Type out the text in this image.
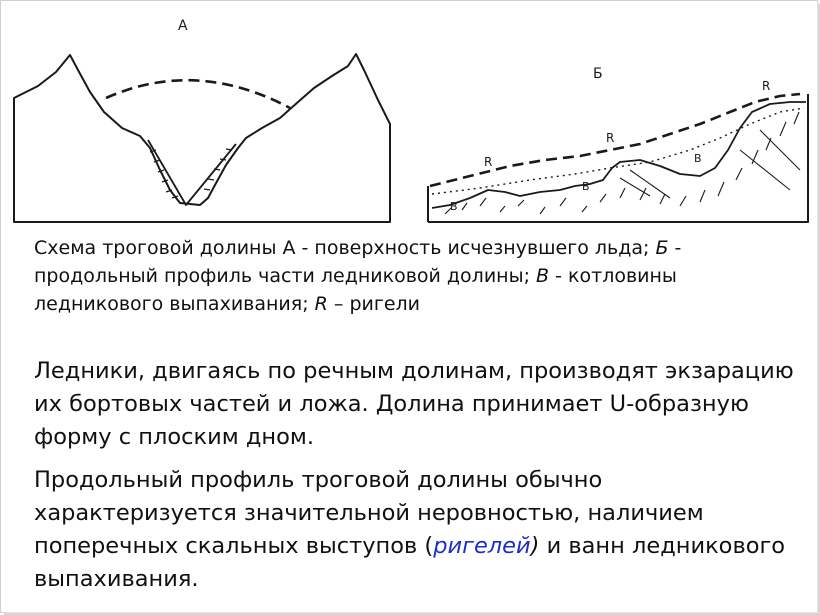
А
Б
R
R
R
В
В
В
Схема троговой долины А - поверхность исчезнувшего льда; Б - продольный профиль части ледниковой долины; В - котловины ледникового выпахивания; R – ригели

Ледники, двигаясь по речным долинам, производят экзарацию их бортовых частей и ложа. Долина принимает U-образную форму с плоским дном.

Продольный профиль троговой долины обычно характеризуется значительной неровностью, наличием поперечных скальных выступов (ригелей) и ванн ледникового выпахивания.
